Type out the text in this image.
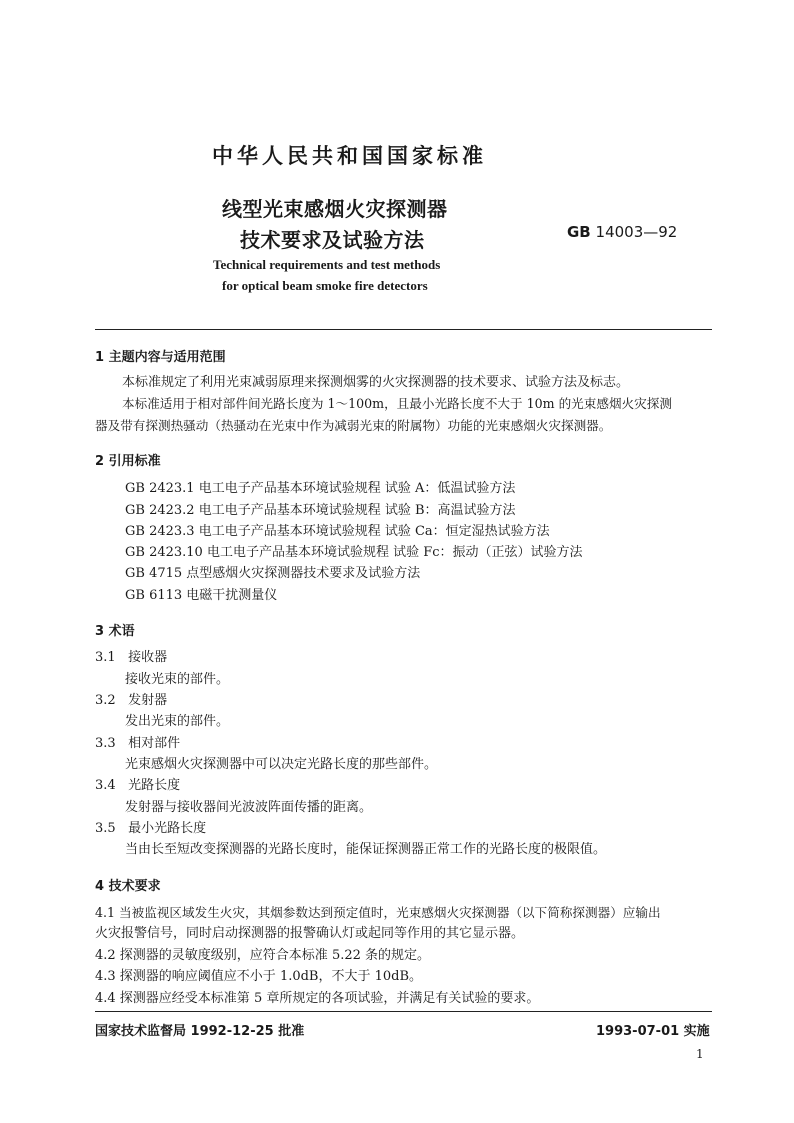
中华人民共和国国家标准
线型光束感烟火灾探测器
技术要求及试验方法	GB 14003—92
Technical requirements and test methods
for optical beam smoke fire detectors
1 主题内容与适用范围
本标准规定了利用光束减弱原理来探测烟雾的火灾探测器的技术要求、试验方法及标志。
本标准适用于相对部件间光路长度为 1～100m，且最小光路长度不大于 10m 的光束感烟火灾探测
器及带有探测热骚动（热骚动在光束中作为减弱光束的附属物）功能的光束感烟火灾探测器。
2 引用标准
GB 2423.1 电工电子产品基本环境试验规程 试验 A：低温试验方法
GB 2423.2 电工电子产品基本环境试验规程 试验 B：高温试验方法
GB 2423.3 电工电子产品基本环境试验规程 试验 Ca：恒定湿热试验方法
GB 2423.10 电工电子产品基本环境试验规程 试验 Fc：振动（正弦）试验方法
GB 4715 点型感烟火灾探测器技术要求及试验方法
GB 6113 电磁干扰测量仪
3 术语
3.1 接收器
接收光束的部件。
3.2 发射器
发出光束的部件。
3.3 相对部件
光束感烟火灾探测器中可以决定光路长度的那些部件。
3.4 光路长度
发射器与接收器间光波波阵面传播的距离。
3.5 最小光路长度
当由长至短改变探测器的光路长度时，能保证探测器正常工作的光路长度的极限值。
4 技术要求
4.1 当被监视区域发生火灾，其烟参数达到预定值时，光束感烟火灾探测器（以下简称探测器）应输出
火灾报警信号，同时启动探测器的报警确认灯或起同等作用的其它显示器。
4.2 探测器的灵敏度级别，应符合本标准 5.22 条的规定。
4.3 探测器的响应阈值应不小于 1.0dB，不大于 10dB。
4.4 探测器应经受本标准第 5 章所规定的各项试验，并满足有关试验的要求。
国家技术监督局 1992-12-25 批准	1993-07-01 实施
1
